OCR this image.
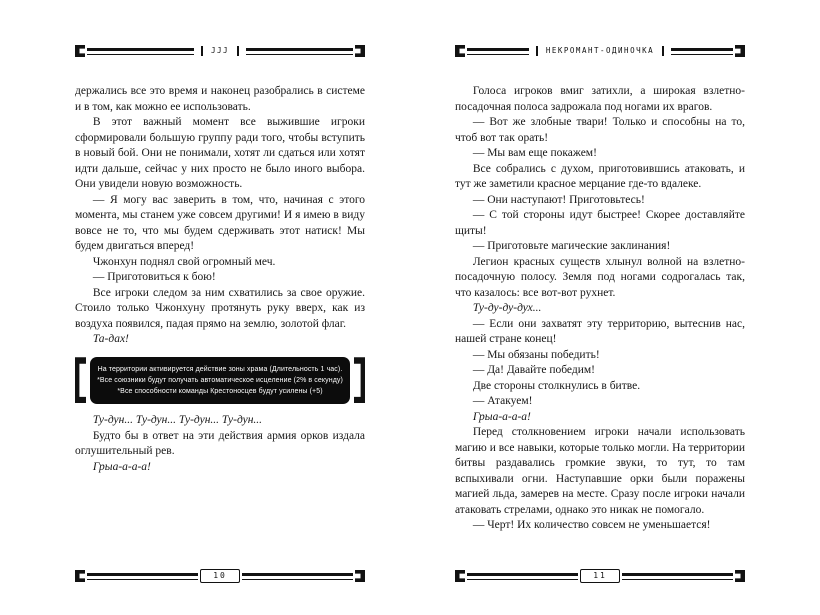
JJJ

держались все это время и наконец разобрались в системе и в том, как можно ее использовать.

В этот важный момент все выжившие игроки сформировали большую группу ради того, чтобы вступить в новый бой. Они не понимали, хотят ли сдаться или хотят идти дальше, сейчас у них просто не было иного выбора. Они увидели новую возможность.

— Я могу вас заверить в том, что, начиная с этого момента, мы станем уже совсем другими! И я имею в виду вовсе не то, что мы будем сдерживать этот натиск! Мы будем двигаться вперед!

Чжонхун поднял свой огромный меч.

— Приготовиться к бою!

Все игроки следом за ним схватились за свое оружие. Стоило только Чжонхуну протянуть руку вверх, как из воздуха появился, падая прямо на землю, золотой флаг.

Та-дах!

На территории активируется действие зоны храма (Длительность 1 час).
*Все союзники будут получать автоматическое исцеление (2% в секунду)
*Все способности команды Крестоносцев будут усилены (+5)

Ту-дун... Ту-дун... Ту-дун... Ту-дун...

Будто бы в ответ на эти действия армия орков издала оглушительный рев.

Грыа-а-а-а!

10
НЕКРОМАНТ-ОДИНОЧКА

Голоса игроков вмиг затихли, а широкая взлетно-посадочная полоса задрожала под ногами их врагов.

— Вот же злобные твари! Только и способны на то, чтоб вот так орать!

— Мы вам еще покажем!

Все собрались с духом, приготовившись атаковать, и тут же заметили красное мерцание где-то вдалеке.

— Они наступают! Приготовьтесь!

— С той стороны идут быстрее! Скорее доставляйте щиты!

— Приготовьте магические заклинания!

Легион красных существ хлынул волной на взлетно-посадочную полосу. Земля под ногами содрогалась так, что казалось: все вот-вот рухнет.

Ту-ду-ду-дух...

— Если они захватят эту территорию, вытеснив нас, нашей стране конец!

— Мы обязаны победить!

— Да! Давайте победим!

Две стороны столкнулись в битве.

— Атакуем!

Грыа-а-а-а!

Перед столкновением игроки начали использовать магию и все навыки, которые только могли. На территории битвы раздавались громкие звуки, то тут, то там вспыхивали огни. Наступавшие орки были поражены магией льда, замерев на месте. Сразу после игроки начали атаковать стрелами, однако это никак не помогало.

— Черт! Их количество совсем не уменьшается!

11
